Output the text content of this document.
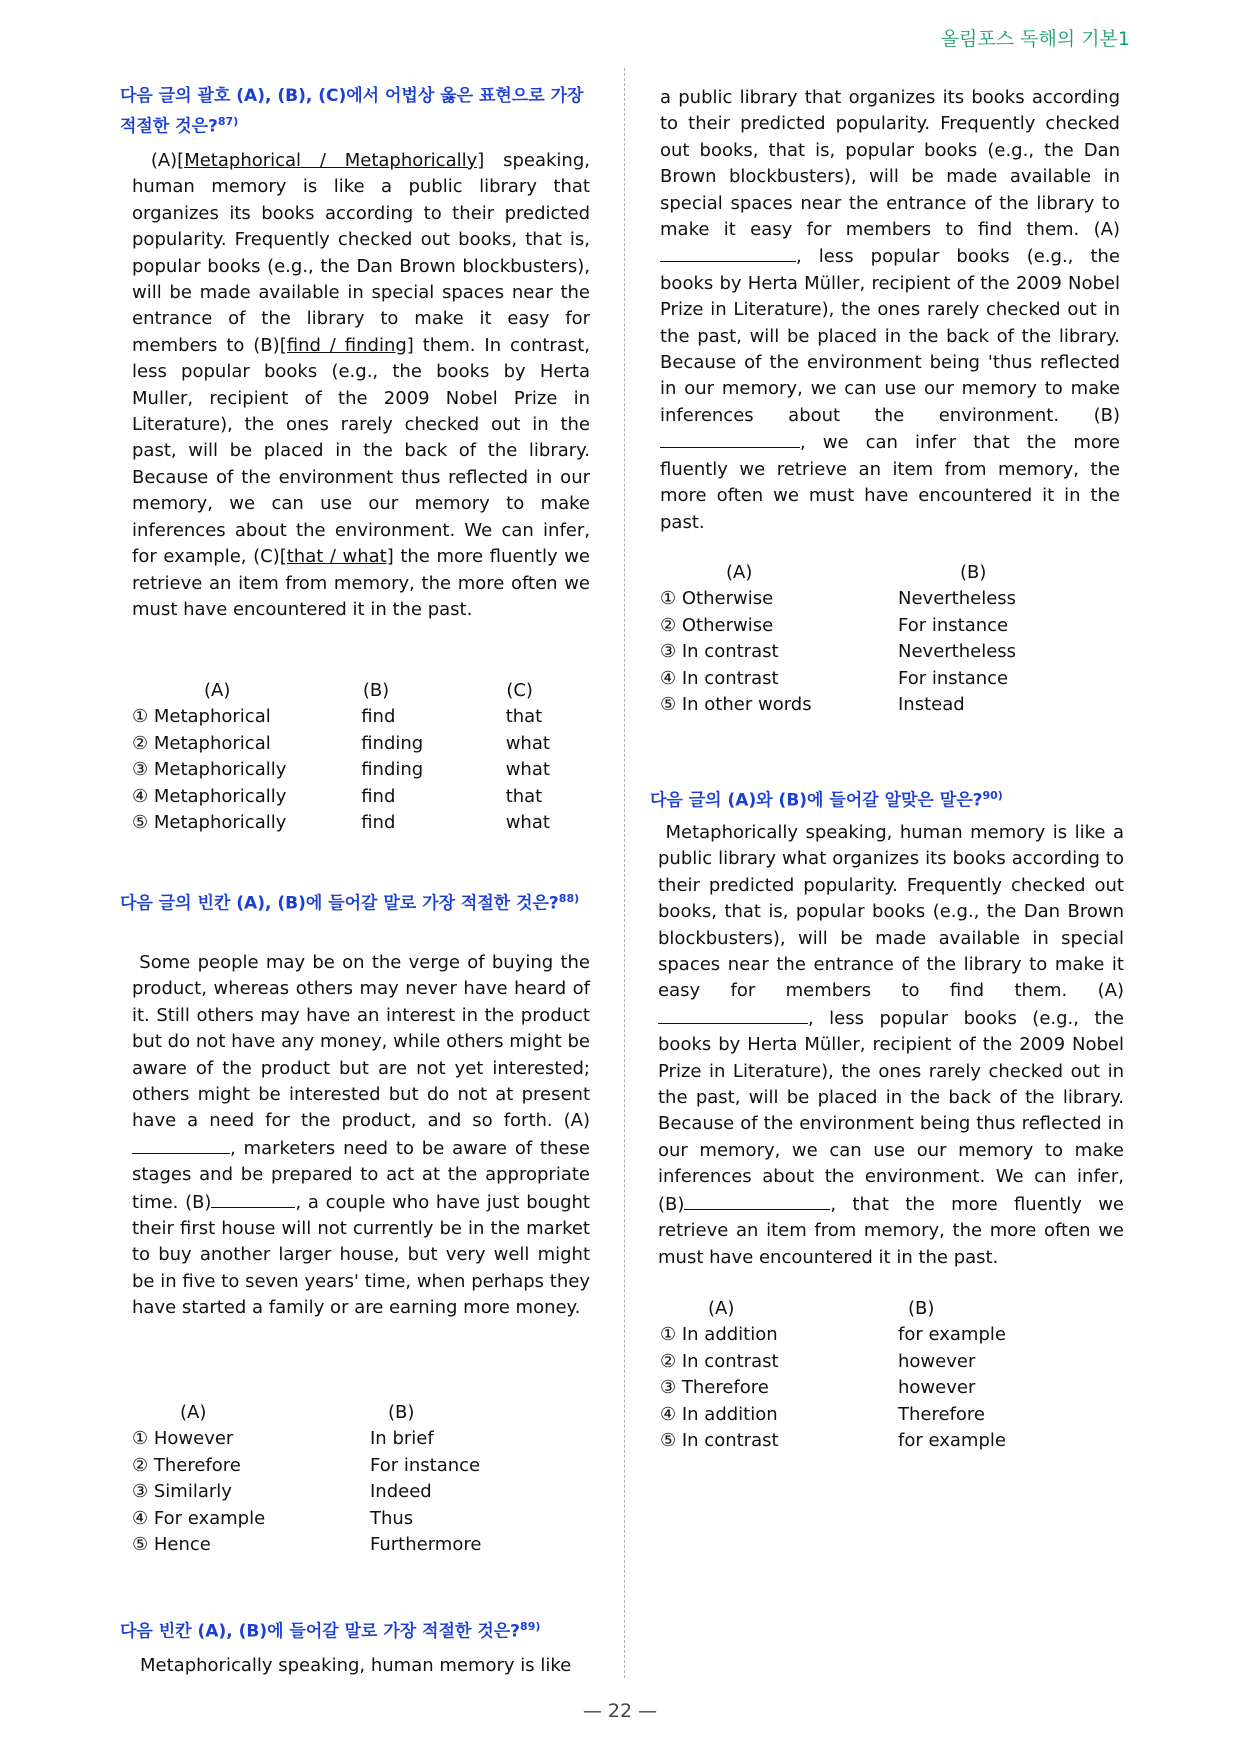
올림포스 독해의 기본1
다음 글의 괄호 (A), (B), (C)에서 어법상 옳은 표현으로 가장 적절한 것은?$^{87)}$

(A)[Metaphorical / Metaphorically] speaking, human memory is like a public library that organizes its books according to their predicted popularity. Frequently checked out books, that is, popular books (e.g., the Dan Brown blockbusters), will be made available in special spaces near the entrance of the library to make it easy for members to (B)[find / finding] them. In contrast, less popular books (e.g., the books by Herta Muller, recipient of the 2009 Nobel Prize in Literature), the ones rarely checked out in the past, will be placed in the back of the library. Because of the environment thus reflected in our memory, we can use our memory to make inferences about the environment. We can infer, for example, (C)[that / what] the more fluently we retrieve an item from memory, the more often we must have encountered it in the past.

(A)	(B)	(C)
① Metaphorical	find	that
② Metaphorical	finding	what
③ Metaphorically	finding	what
④ Metaphorically	find	that
⑤ Metaphorically	find	what
다음 글의 빈칸 (A), (B)에 들어갈 말로 가장 적절한 것은?$^{88)}$

Some people may be on the verge of buying the product, whereas others may never have heard of it. Still others may have an interest in the product but do not have any money, while others might be aware of the product but are not yet interested; others might be interested but do not at present have a need for the product, and so forth. (A), marketers need to be aware of these stages and be prepared to act at the appropriate time. (B)	, a couple who have just bought their first house will not currently be in the market to buy another larger house, but very well might be in five to seven years' time, when perhaps they have started a family or are earning more money.

(A)	(B)
① However	In brief
② Therefore	For instance
③ Similarly	Indeed
④ For example	Thus
⑤ Hence	Furthermore
다음 빈칸 (A), (B)에 들어갈 말로 가장 적절한 것은?$^{89)}$

Metaphorically speaking, human memory is like

a public library that organizes its books according to their predicted popularity. Frequently checked out books, that is, popular books (e.g., the Dan Brown blockbusters), will be made available in special spaces near the entrance of the library to make it easy for members to find them. (A), less popular books (e.g., the books by Herta Müller, recipient of the 2009 Nobel Prize in Literature), the ones rarely checked out in the past, will be placed in the back of the library. Because of the environment being 'thus reflected in our memory, we can use our memory to make inferences about the environment. (B), we can infer that the more fluently we retrieve an item from memory, the more often we must have encountered it in the past.

(A)	(B)
① Otherwise	Nevertheless
② Otherwise	For instance
③ In contrast	Nevertheless
④ In contrast	For instance
⑤ In other words	Instead
다음 글의 (A)와 (B)에 들어갈 알맞은 말은?$^{90)}$

Metaphorically speaking, human memory is like a public library what organizes its books according to their predicted popularity. Frequently checked out books, that is, popular books (e.g., the Dan Brown blockbusters), will be made available in special spaces near the entrance of the library to make it easy for members to find them. (A), less popular books (e.g., the books by Herta Müller, recipient of the 2009 Nobel Prize in Literature), the ones rarely checked out in the past, will be placed in the back of the library. Because of the environment being thus reflected in our memory, we can use our memory to make inferences about the environment. We can infer, (B)	, that the more fluently we retrieve an item from memory, the more often we must have encountered it in the past.

(A)	(B)
① In addition	for example
② In contrast	however
③ Therefore	however
④ In addition	Therefore
⑤ In contrast	for example
— 22 —
